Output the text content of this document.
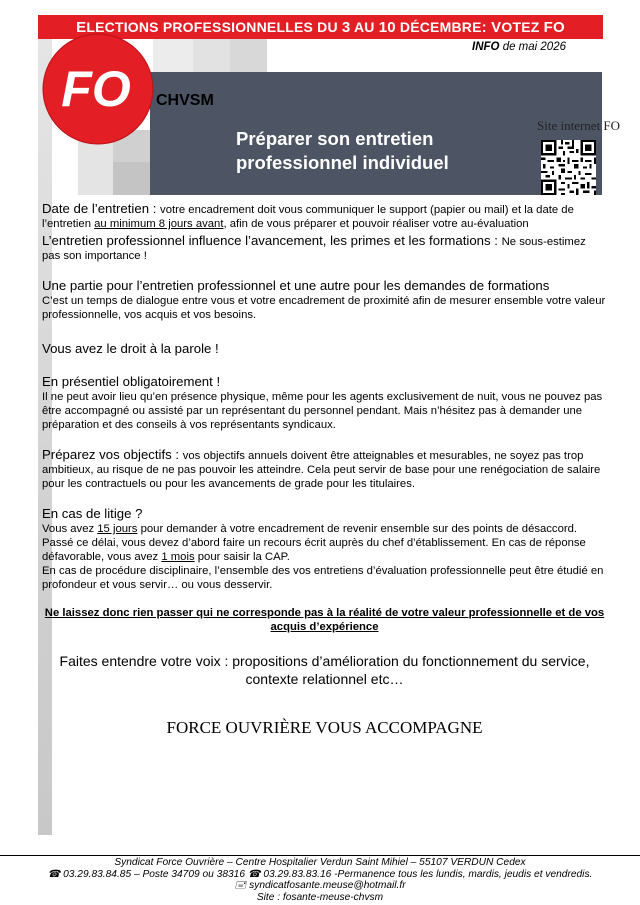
ELECTIONS PROFESSIONNELLES DU 3 AU 10 DÉCEMBRE: VOTEZ FO
INFO de mai 2026
Préparer son entretien
professionnel individuel
FO CHVSM
Site internet FO

Date de l’entretien : votre encadrement doit vous communiquer le support (papier ou mail) et la date de l’entretien au minimum 8 jours avant, afin de vous préparer et pouvoir réaliser votre au-évaluation

L’entretien professionnel influence l’avancement, les primes et les formations : Ne sous-estimez pas son importance !

Une partie pour l’entretien professionnel et une autre pour les demandes de formations
C’est un temps de dialogue entre vous et votre encadrement de proximité afin de mesurer ensemble votre valeur professionnelle, vos acquis et vos besoins.

Vous avez le droit à la parole !

En présentiel obligatoirement !
Il ne peut avoir lieu qu’en présence physique, même pour les agents exclusivement de nuit, vous ne pouvez pas être accompagné ou assisté par un représentant du personnel pendant. Mais n’hésitez pas à demander une préparation et des conseils à vos représentants syndicaux.

Préparez vos objectifs : vos objectifs annuels doivent être atteignables et mesurables, ne soyez pas trop ambitieux, au risque de ne pas pouvoir les atteindre. Cela peut servir de base pour une renégociation de salaire pour les contractuels ou pour les avancements de grade pour les titulaires.

En cas de litige ?
Vous avez 15 jours pour demander à votre encadrement de revenir ensemble sur des points de désaccord.
Passé ce délai, vous devez d’abord faire un recours écrit auprès du chef d’établissement. En cas de réponse défavorable, vous avez 1 mois pour saisir la CAP.
En cas de procédure disciplinaire, l’ensemble des vos entretiens d’évaluation professionnelle peut être étudié en profondeur et vous servir… ou vous desservir.

Ne laissez donc rien passer qui ne corresponde pas à la réalité de votre valeur professionnelle et de vos acquis d’expérience

Faites entendre votre voix : propositions d’amélioration du fonctionnement du service,
contexte relationnel etc…

FORCE OUVRIÈRE VOUS ACCOMPAGNE

Syndicat Force Ouvrière – Centre Hospitalier Verdun Saint Mihiel – 55107 VERDUN Cedex
☎ 03.29.83.84.85 – Poste 34709 ou 38316 ☎ 03.29.83.83.16 -Permanence tous les lundis, mardis, jeudis et vendredis.
🖃 syndicatfosante.meuse@hotmail.fr
Site : fosante-meuse-chvsm
